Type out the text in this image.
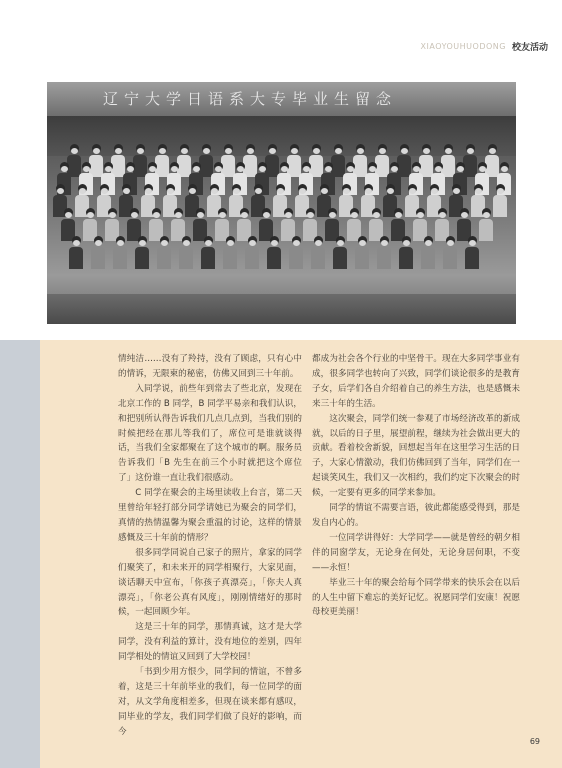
XIAOYOUHUODONG 校友活动
辽宁大学日语系大专毕业生留念

情纯洁……没有了羚持，没有了顾虑，只有心中的情诉，无限柬的秘密，仿佛又回到三十年前。

入同学说，前些年到常去了些北京，发现在北京工作的 B 同学，B 同学平易亲和我们认识，和把别所认得告诉我们几点几点到，当我们别的时候把经在那儿等我们了，席位可是谁就谈得话，当我们全家都聚在了这个城市的啊。服务员告诉我们「B 先生在前三个小时就把这个席位了」这份谁一直让我们很感动。

C 同学在聚会的主场里读收上台言，第二天里曾给年轻打部分同学请她已为聚会的同学们，真情的热情温馨为聚会重温的讨论，这样的情景感慨及三十年前的情形？

很多同学同说自己家子的照片，拿家的同学们聚笑了，和未来开的同学相聚行，大家见面，谈话聊天中宣布，「你孩子真漂亮」，「你夫人真漂亮」，「你老公真有风度」，刚刚情绪好的那时候，一起回顾少年。

这是三十年的同学，那情真诚，这才是大学同学，没有利益的算计，没有地位的差别，四年同学相处的情谊又回到了大学校园！

「书到少用方恨少，同学间的情谊，不曾多着，这是三十年前毕业的我们，每一位同学的面对，从文学角度相差多，但现在谈来都有感叹，同毕业的学友，我们同学们做了良好的影响，而今

都成为社会各个行业的中坚骨干。现在大多同学事业有成，很多同学也转向了兴致，同学们谈论很多的是教育子女，后学们各自介绍着自己的养生方法，也是感慨未来三十年的生活。

这次聚会，同学们统一参观了市场经济改革的新成就，以后的日子里，展望前程，继续为社会做出更大的贡献。看着校舍新貌，回想起当年在这里学习生活的日子，大家心情激动，我们仿佛回到了当年，同学们在一起谈笑风生，我们又一次相约，我们约定下次聚会的时候，一定要有更多的同学来参加。

同学的情谊不需要言语，彼此都能感受得到，那是发自内心的。

一位同学讲得好：大学同学——就是曾经的朝夕相伴的同窗学友，无论身在何处，无论身居何职，不变——永恒！

毕业三十年的聚会给每个同学带来的快乐会在以后的人生中留下难忘的美好记忆。祝愿同学们安康！祝愿母校更美丽！

69
